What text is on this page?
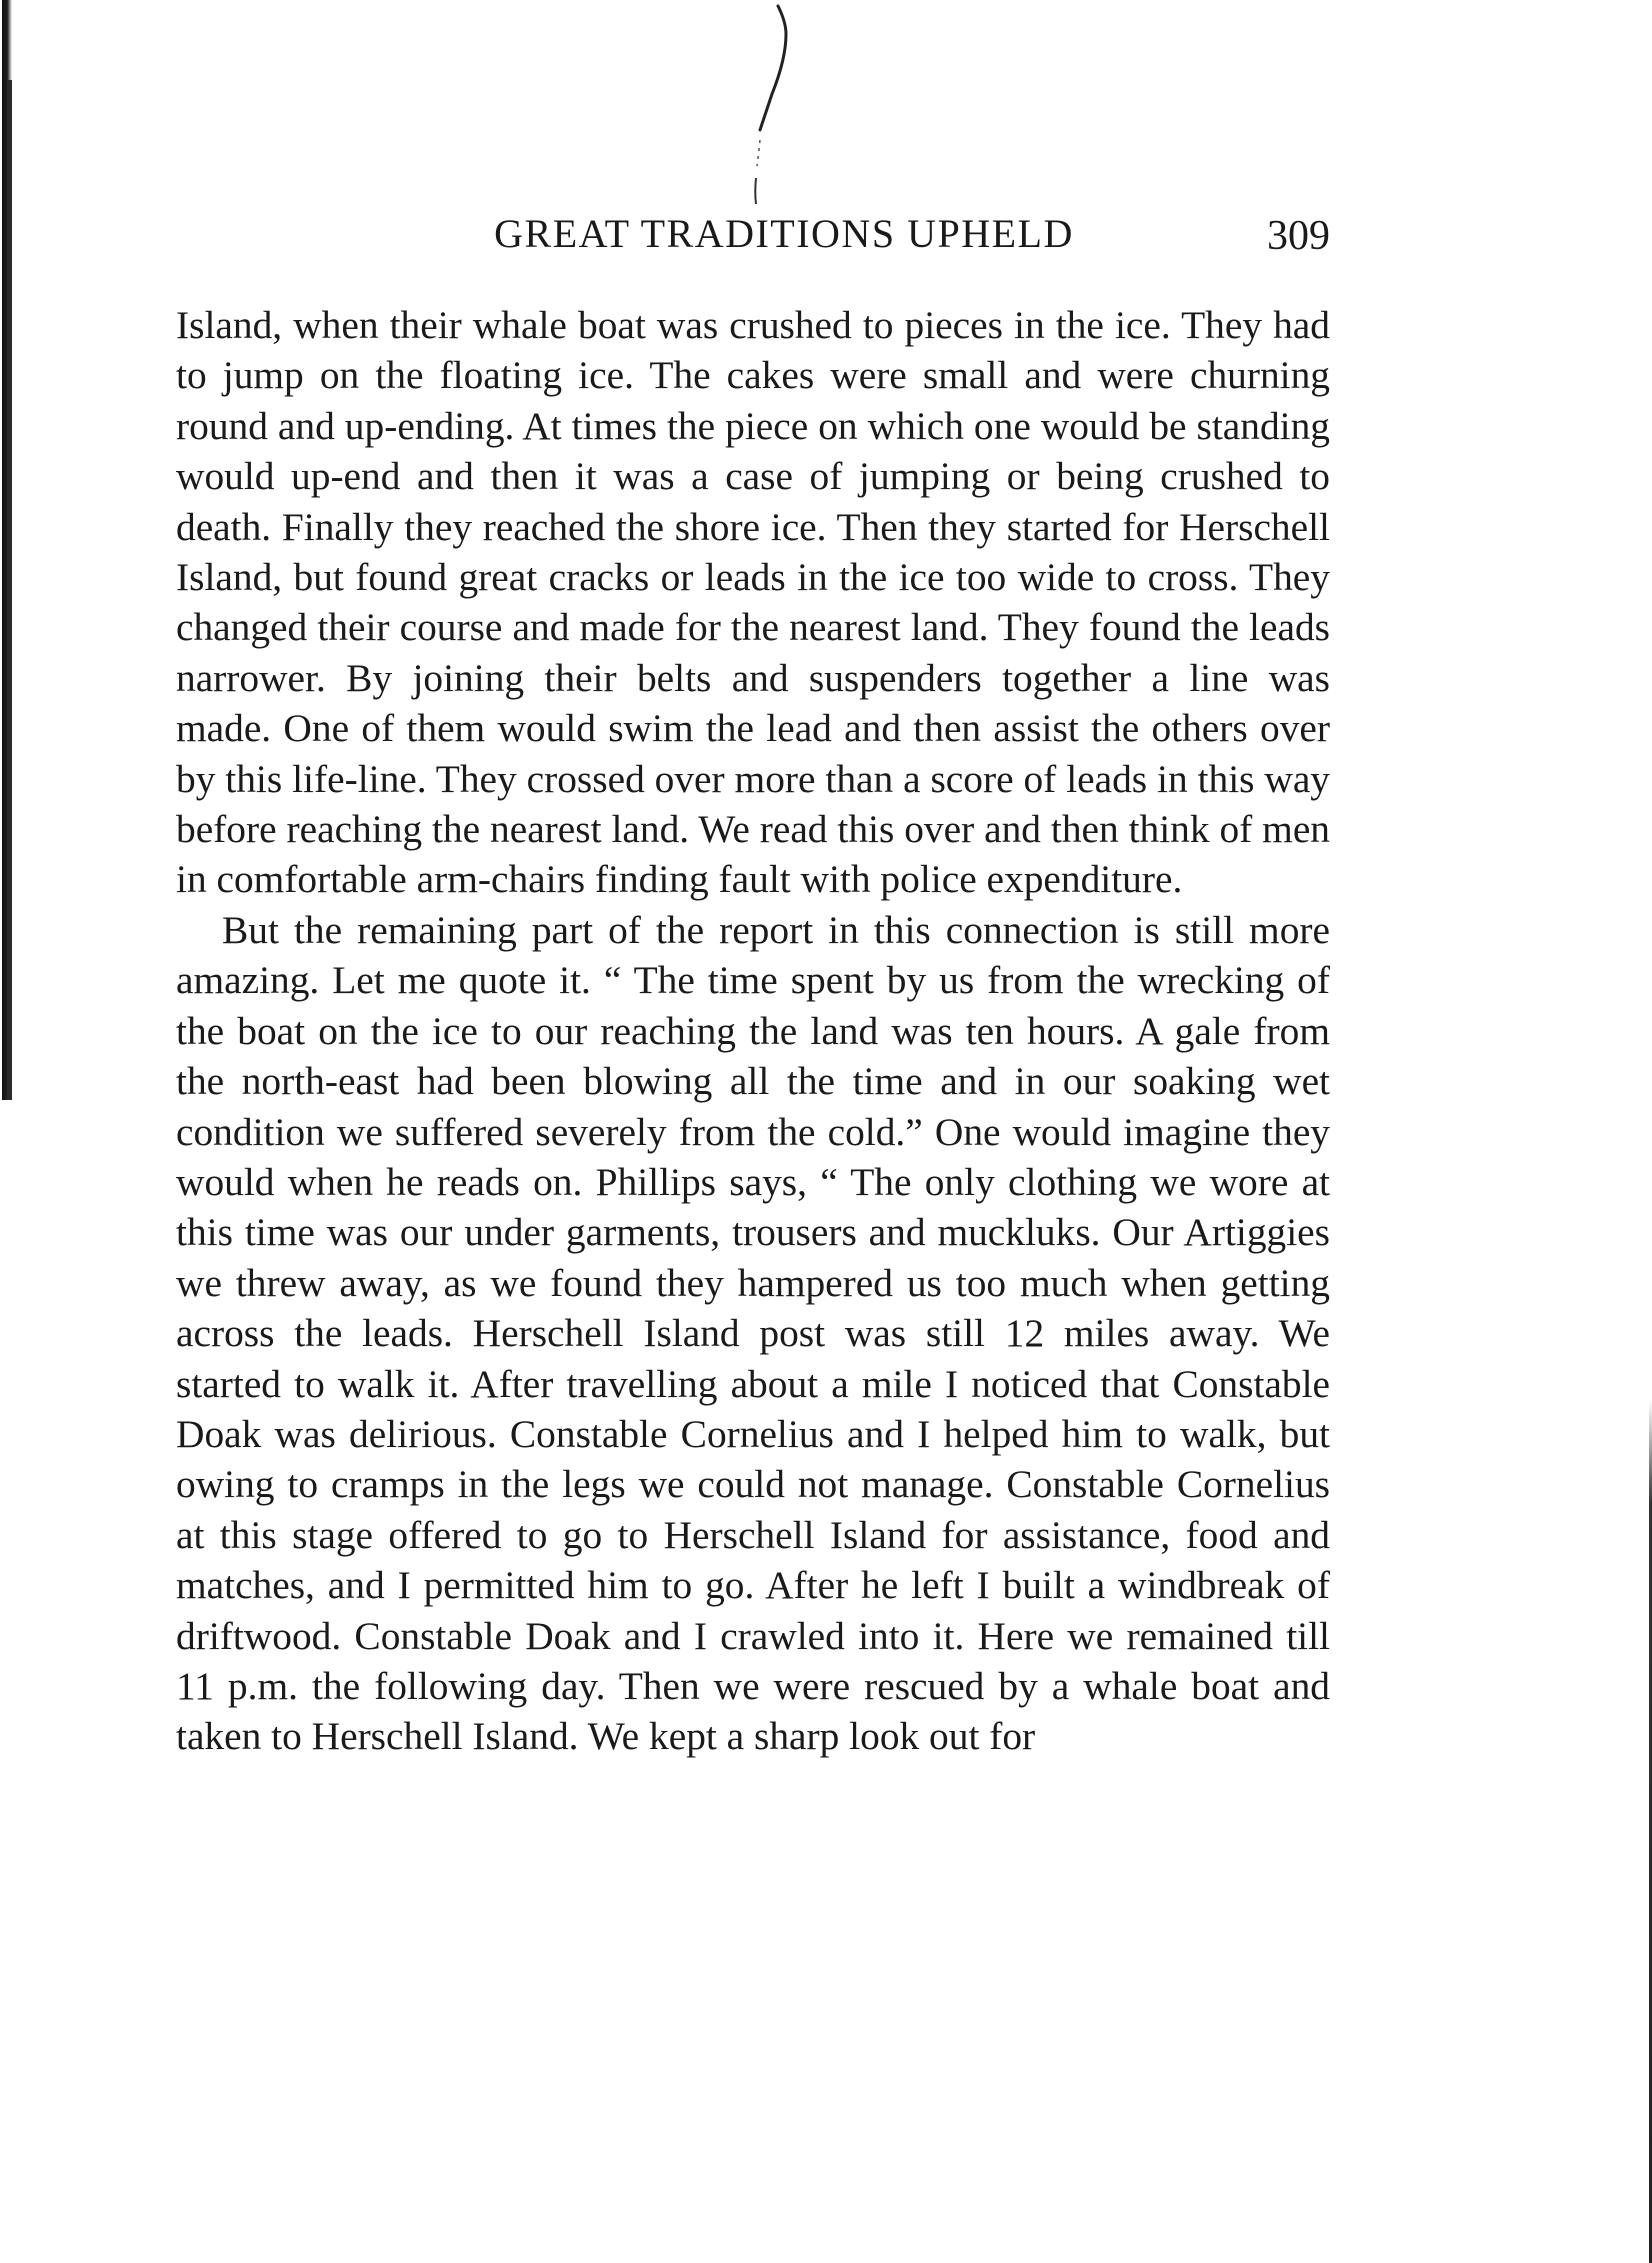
GREAT TRADITIONS UPHELD	309

Island, when their whale boat was crushed to pieces in the ice. They had to jump on the floating ice. The cakes were small and were churning round and up-ending. At times the piece on which one would be standing would up-end and then it was a case of jumping or being crushed to death. Finally they reached the shore ice. Then they started for Herschell Island, but found great cracks or leads in the ice too wide to cross. They changed their course and made for the nearest land. They found the leads narrower. By joining their belts and suspenders together a line was made. One of them would swim the lead and then assist the others over by this life-line. They crossed over more than a score of leads in this way before reaching the nearest land. We read this over and then think of men in comfortable arm-chairs finding fault with police expenditure.

But the remaining part of the report in this connection is still more amazing. Let me quote it. “ The time spent by us from the wrecking of the boat on the ice to our reaching the land was ten hours. A gale from the north-east had been blowing all the time and in our soaking wet condition we suffered severely from the cold.” One would imagine they would when he reads on. Phillips says, “ The only clothing we wore at this time was our under garments, trousers and muckluks. Our Artiggies we threw away, as we found they hampered us too much when getting across the leads. Herschell Island post was still 12 miles away. We started to walk it. After travelling about a mile I noticed that Constable Doak was delirious. Constable Cornelius and I helped him to walk, but owing to cramps in the legs we could not manage. Constable Cornelius at this stage offered to go to Herschell Island for assistance, food and matches, and I permitted him to go. After he left I built a windbreak of driftwood. Constable Doak and I crawled into it. Here we remained till 11 p.m. the following day. Then we were rescued by a whale boat and taken to Herschell Island. We kept a sharp look out for
